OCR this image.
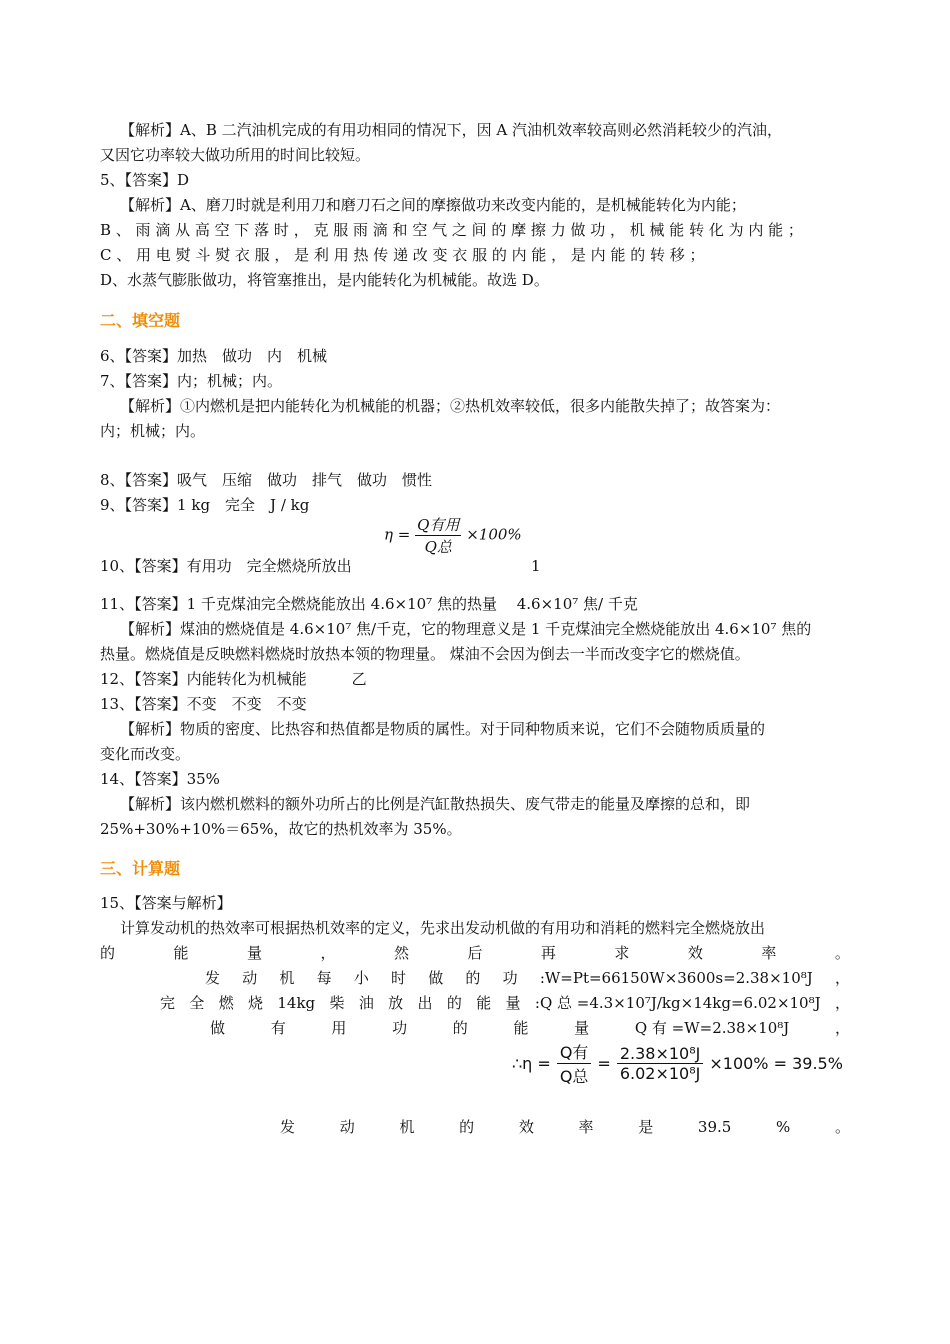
【解析】A、B 二汽油机完成的有用功相同的情况下，因 A 汽油机效率较高则必然消耗较少的汽油，
又因它功率较大做功所用的时间比较短。
5、【答案】D
【解析】A、磨刀时就是利用刀和磨刀石之间的摩擦做功来改变内能的，是机械能转化为内能；
B 、 雨 滴 从 高 空 下 落 时 ， 克 服 雨 滴 和 空 气 之 间 的 摩 擦 力 做 功 ， 机 械 能 转 化 为 内 能 ；
C 、 用 电 熨 斗 熨 衣 服 ， 是 利 用 热 传 递 改 变 衣 服 的 内 能 ， 是 内 能 的 转 移 ；
D、水蒸气膨胀做功，将管塞推出，是内能转化为机械能。故选 D。
二、填空题
6、【答案】加热　做功　内　机械
7、【答案】内；机械；内。
【解析】①内燃机是把内能转化为机械能的机器；②热机效率较低，很多内能散失掉了；故答案为：
内；机械；内。
8、【答案】吸气　压缩　做功　排气　做功　惯性
9、【答案】1 kg　完全　J / kg
$\eta = \frac{\text{Q有用}}{\text{Q总}} \times 100\%$
10、【答案】有用功　完全燃烧所放出	1
11、【答案】1 千克煤油完全燃烧能放出 4.6×10⁷ 焦的热量　 4.6×10⁷ 焦/ 千克
【解析】煤油的燃烧值是 4.6×10⁷ 焦/千克，它的物理意义是 1 千克煤油完全燃烧能放出 4.6×10⁷ 焦的
热量。燃烧值是反映燃料燃烧时放热本领的物理量。 煤油不会因为倒去一半而改变字它的燃烧值。
12、【答案】内能转化为机械能　　　乙
13、【答案】不变　不变　不变
【解析】物质的密度、比热容和热值都是物质的属性。对于同种物质来说，它们不会随物质质量的
变化而改变。
14、【答案】35%
【解析】该内燃机燃料的额外功所占的比例是汽缸散热损失、废气带走的能量及摩擦的总和，即
25%+30%+10%＝65%，故它的热机效率为 35%。
三、计算题
15、【答案与解析】
计算发动机的热效率可根据热机效率的定义，先求出发动机做的有用功和消耗的燃料完全燃烧放出
的	能	量	，	然	后	再	求	效	率	。
发 动 机 每 小 时 做 的 功 :W=Pt=66150W×3600s=2.38×10⁸J ，
完 全 燃 烧 14kg 柴 油 放 出 的 能 量 :Q 总 =4.3×10⁷J/kg×14kg=6.02×10⁸J ，
做	有	用	功	的	能	量	Q 有 =W=2.38×10⁸J	，
∴η = $\frac{\text{Q有}}{\text{Q总}} = \frac{\text{2.38×10⁸J}}{\text{6.02×10⁸J}} \times 100\% = 39.5\%$
发	动	机	的	效	率	是	39.5	%	。
